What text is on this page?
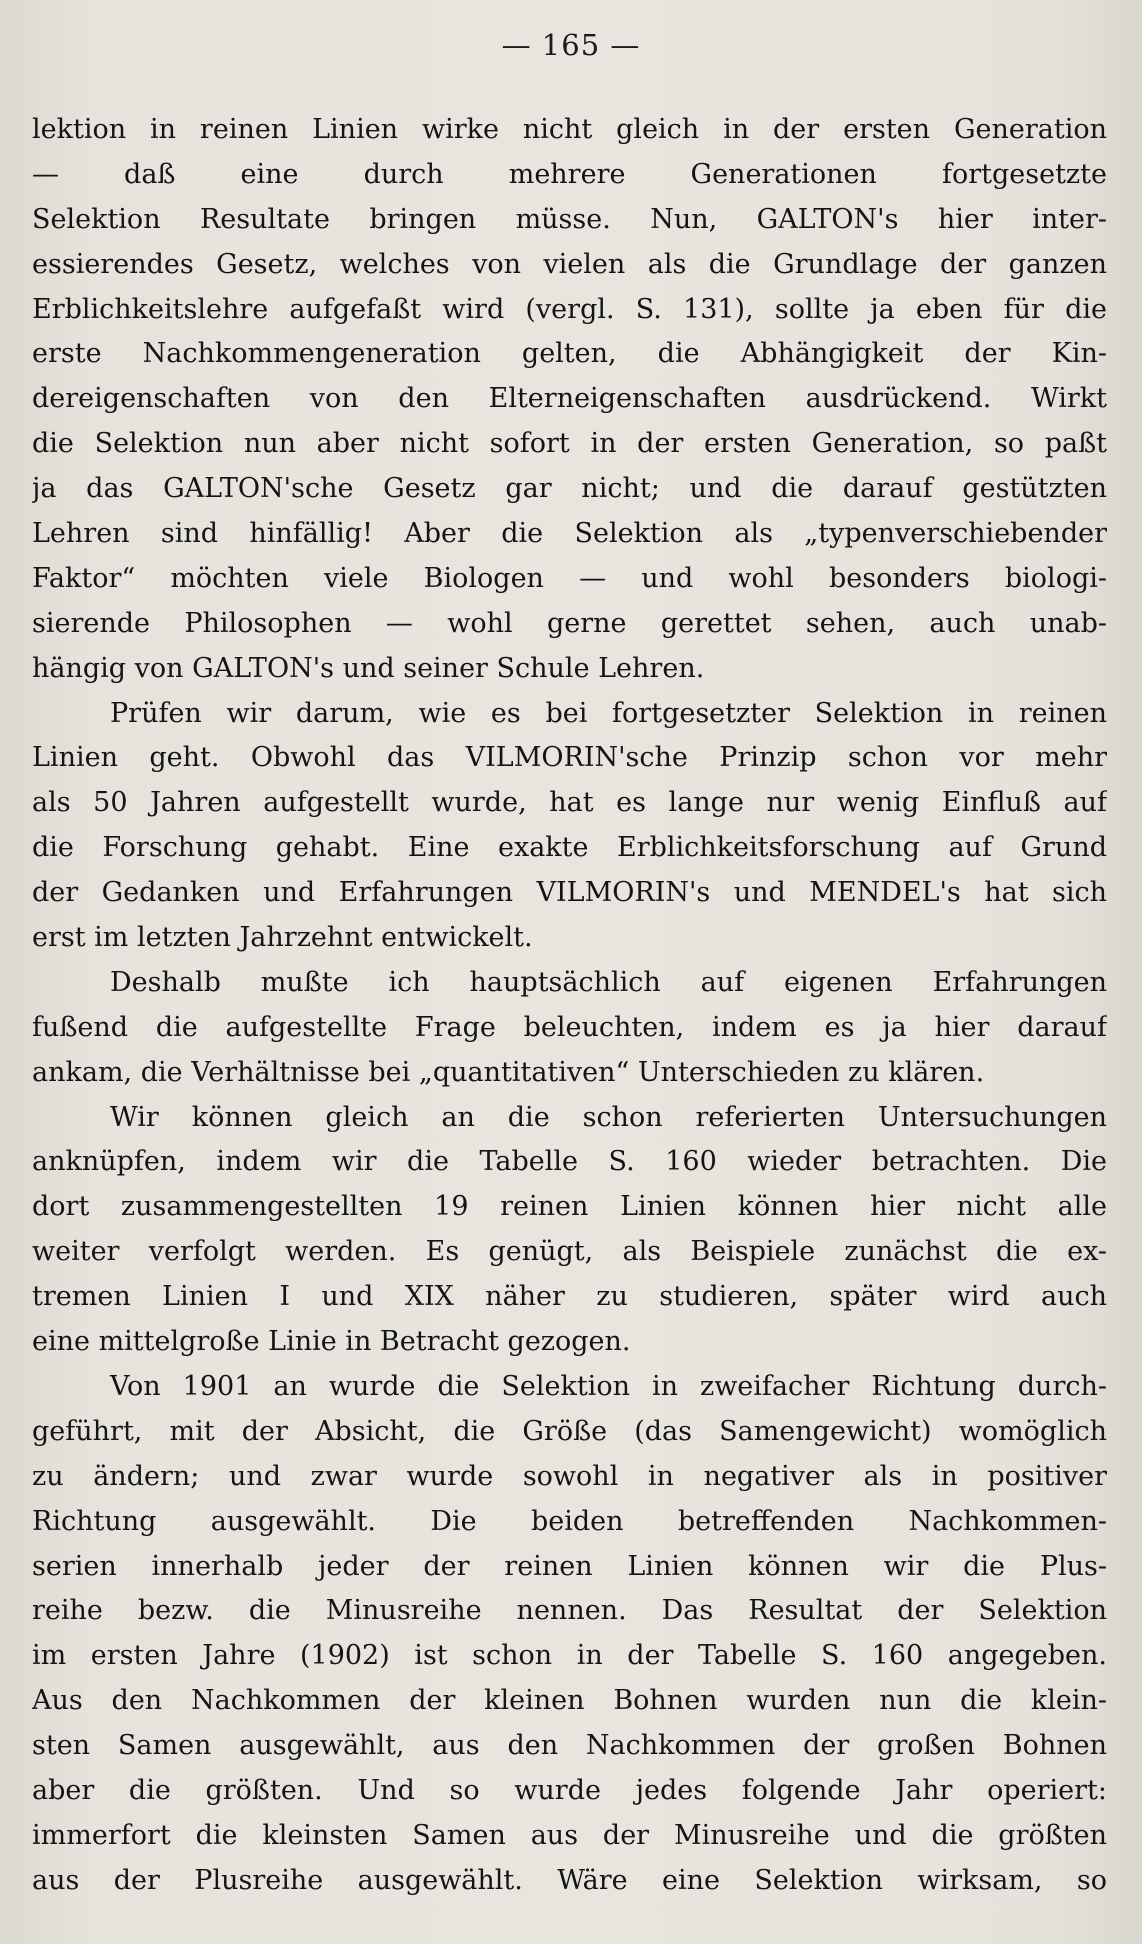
— 165 —
lektion in reinen Linien wirke nicht gleich in der ersten Generation
— daß eine durch mehrere Generationen fortgesetzte
Selektion Resultate bringen müsse. Nun, GALTON's hier inter-
essierendes Gesetz, welches von vielen als die Grundlage der ganzen
Erblichkeitslehre aufgefaßt wird (vergl. S. 131), sollte ja eben für die
erste Nachkommengeneration gelten, die Abhängigkeit der Kin-
dereigenschaften von den Elterneigenschaften ausdrückend. Wirkt
die Selektion nun aber nicht sofort in der ersten Generation, so paßt
ja das GALTON'sche Gesetz gar nicht; und die darauf gestützten
Lehren sind hinfällig! Aber die Selektion als „typenverschiebender
Faktor“ möchten viele Biologen — und wohl besonders biologi-
sierende Philosophen — wohl gerne gerettet sehen, auch unab-
hängig von GALTON's und seiner Schule Lehren.
Prüfen wir darum, wie es bei fortgesetzter Selektion in reinen
Linien geht. Obwohl das VILMORIN'sche Prinzip schon vor mehr
als 50 Jahren aufgestellt wurde, hat es lange nur wenig Einfluß auf
die Forschung gehabt. Eine exakte Erblichkeitsforschung auf Grund
der Gedanken und Erfahrungen VILMORIN's und MENDEL's hat sich
erst im letzten Jahrzehnt entwickelt.
Deshalb mußte ich hauptsächlich auf eigenen Erfahrungen
fußend die aufgestellte Frage beleuchten, indem es ja hier darauf
ankam, die Verhältnisse bei „quantitativen“ Unterschieden zu klären.
Wir können gleich an die schon referierten Untersuchungen
anknüpfen, indem wir die Tabelle S. 160 wieder betrachten. Die
dort zusammengestellten 19 reinen Linien können hier nicht alle
weiter verfolgt werden. Es genügt, als Beispiele zunächst die ex-
tremen Linien I und XIX näher zu studieren, später wird auch
eine mittelgroße Linie in Betracht gezogen.
Von 1901 an wurde die Selektion in zweifacher Richtung durch-
geführt, mit der Absicht, die Größe (das Samengewicht) womöglich
zu ändern; und zwar wurde sowohl in negativer als in positiver
Richtung ausgewählt. Die beiden betreffenden Nachkommen-
serien innerhalb jeder der reinen Linien können wir die Plus-
reihe bezw. die Minusreihe nennen. Das Resultat der Selektion
im ersten Jahre (1902) ist schon in der Tabelle S. 160 angegeben.
Aus den Nachkommen der kleinen Bohnen wurden nun die klein-
sten Samen ausgewählt, aus den Nachkommen der großen Bohnen
aber die größten. Und so wurde jedes folgende Jahr operiert:
immerfort die kleinsten Samen aus der Minusreihe und die größten
aus der Plusreihe ausgewählt. Wäre eine Selektion wirksam, so
